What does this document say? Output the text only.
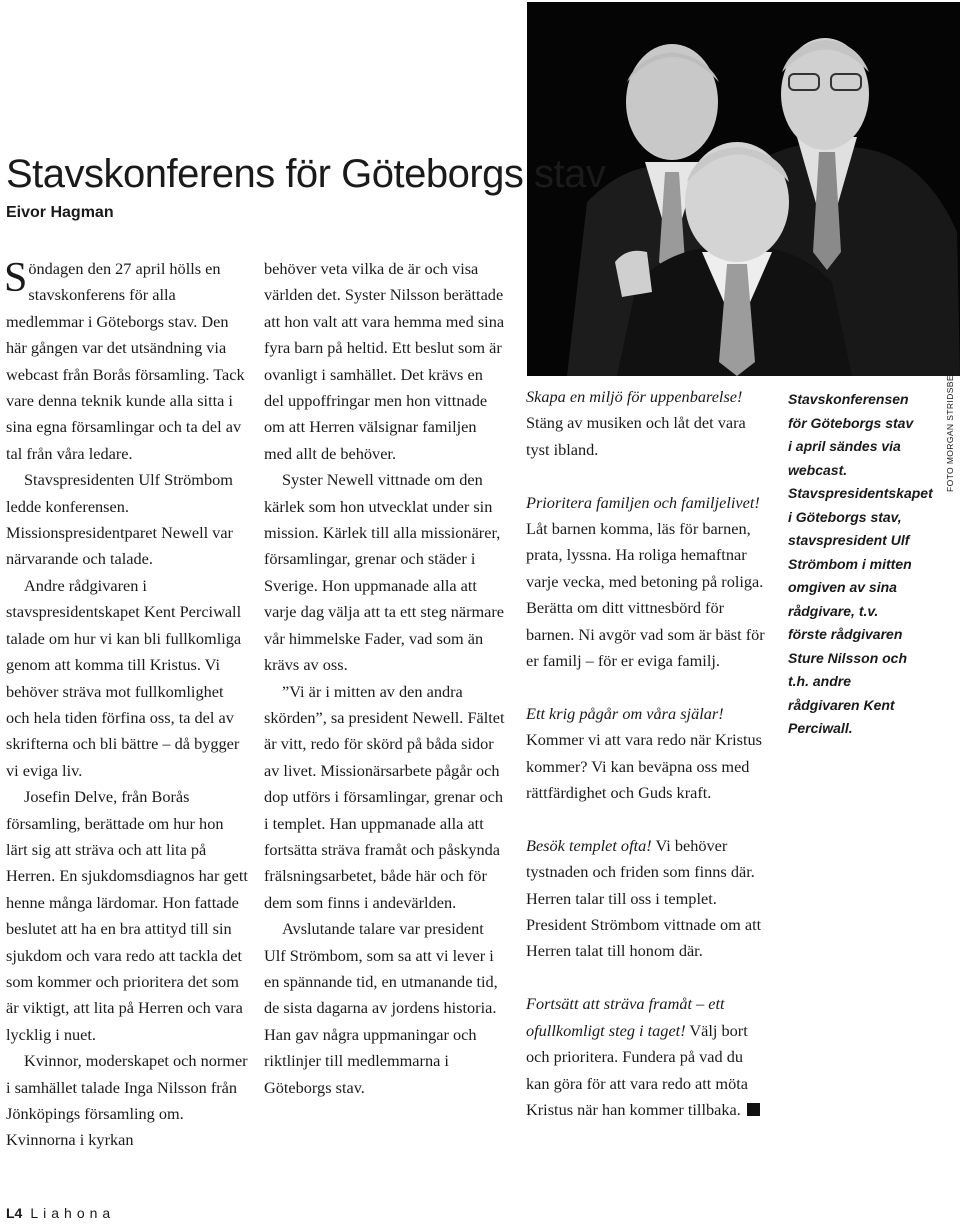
Stavskonferens för Göteborgs stav
Eivor Hagman

Söndagen den 27 april hölls en stavskonferens för alla medlemmar i Göteborgs stav. Den här gången var det utsändning via webcast från Borås församling. Tack vare denna teknik kunde alla sitta i sina egna församlingar och ta del av tal från våra ledare.

Stavspresidenten Ulf Strömbom ledde konferensen. Missionspresidentparet Newell var närvarande och talade.

Andre rådgivaren i stavspresidentskapet Kent Perciwall talade om hur vi kan bli fullkomliga genom att komma till Kristus. Vi behöver sträva mot fullkomlighet och hela tiden förfina oss, ta del av skrifterna och bli bättre – då bygger vi eviga liv.

Josefin Delve, från Borås församling, berättade om hur hon lärt sig att sträva och att lita på Herren. En sjukdomsdiagnos har gett henne många lärdomar. Hon fattade beslutet att ha en bra attityd till sin sjukdom och vara redo att tackla det som kommer och prioritera det som är viktigt, att lita på Herren och vara lycklig i nuet.

Kvinnor, moderskapet och normer i samhället talade Inga Nilsson från Jönköpings församling om. Kvinnorna i kyrkan

behöver veta vilka de är och visa världen det. Syster Nilsson berättade att hon valt att vara hemma med sina fyra barn på heltid. Ett beslut som är ovanligt i samhället. Det krävs en del uppoffringar men hon vittnade om att Herren välsignar familjen med allt de behöver.

Syster Newell vittnade om den kärlek som hon utvecklat under sin mission. Kärlek till alla missionärer, församlingar, grenar och städer i Sverige. Hon uppmanade alla att varje dag välja att ta ett steg närmare vår himmelske Fader, vad som än krävs av oss.

”Vi är i mitten av den andra skörden”, sa president Newell. Fältet är vitt, redo för skörd på båda sidor av livet. Missionärsarbete pågår och dop utförs i församlingar, grenar och i templet. Han uppmanade alla att fortsätta sträva framåt och påskynda frälsningsarbetet, både här och för dem som finns i andevärlden.

Avslutande talare var president Ulf Strömbom, som sa att vi lever i en spännande tid, en utmanande tid, de sista dagarna av jordens historia. Han gav några uppmaningar och riktlinjer till medlemmarna i Göteborgs stav.

Skapa en miljö för uppenbarelse! Stäng av musiken och låt det vara tyst ibland.

Prioritera familjen och familjelivet! Låt barnen komma, läs för barnen, prata, lyssna. Ha roliga hemaftnar varje vecka, med betoning på roliga. Berätta om ditt vittnesbörd för barnen. Ni avgör vad som är bäst för er familj – för er eviga familj.

Ett krig pågår om våra själar! Kommer vi att vara redo när Kristus kommer? Vi kan beväpna oss med rättfärdighet och Guds kraft.

Besök templet ofta! Vi behöver tystnaden och friden som finns där. Herren talar till oss i templet. President Strömbom vittnade om att Herren talat till honom där.

Fortsätt att sträva framåt – ett ofullkomligt steg i taget! Välj bort och prioritera. Fundera på vad du kan göra för att vara redo att möta Kristus när han kommer tillbaka.

Stavskonferensen för Göteborgs stav i april sändes via webcast. Stavspresidentskapet i Göteborgs stav, stavspresident Ulf Strömbom i mitten omgiven av sina rådgivare, t.v. förste rådgivaren Sture Nilsson och t.h. andre rådgivaren Kent Perciwall.
FOTO MORGAN STRIDSBERG
L4 Liahona
